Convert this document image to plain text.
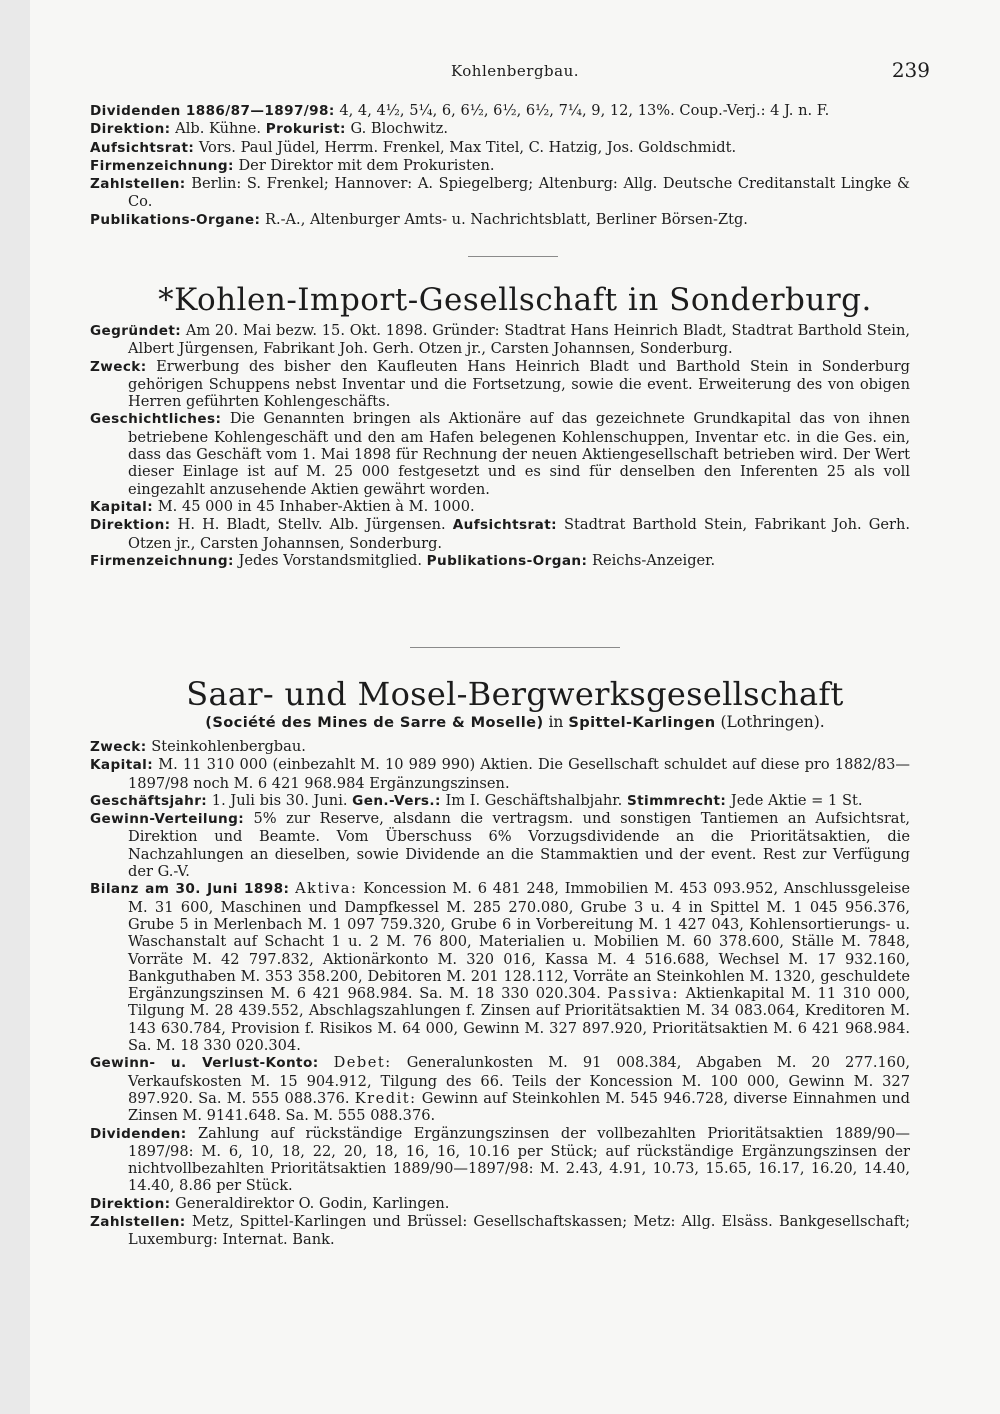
Kohlenbergbau.	239

Dividenden 1886/87—1897/98: 4, 4, 4½, 5¼, 6, 6½, 6½, 6½, 7¼, 9, 12, 13%. Coup.-Verj.: 4 J. n. F.

Direktion: Alb. Kühne. Prokurist: G. Blochwitz.

Aufsichtsrat: Vors. Paul Jüdel, Herrm. Frenkel, Max Titel, C. Hatzig, Jos. Goldschmidt.

Firmenzeichnung: Der Direktor mit dem Prokuristen.

Zahlstellen: Berlin: S. Frenkel; Hannover: A. Spiegelberg; Altenburg: Allg. Deutsche Creditanstalt Lingke & Co.

Publikations-Organe: R.-A., Altenburger Amts- u. Nachrichtsblatt, Berliner Börsen-Ztg.

*Kohlen-Import-Gesellschaft in Sonderburg.

Gegründet: Am 20. Mai bezw. 15. Okt. 1898. Gründer: Stadtrat Hans Heinrich Bladt, Stadtrat Barthold Stein, Albert Jürgensen, Fabrikant Joh. Gerh. Otzen jr., Carsten Johannsen, Sonderburg.

Zweck: Erwerbung des bisher den Kaufleuten Hans Heinrich Bladt und Barthold Stein in Sonderburg gehörigen Schuppens nebst Inventar und die Fortsetzung, sowie die event. Erweiterung des von obigen Herren geführten Kohlengeschäfts.

Geschichtliches: Die Genannten bringen als Aktionäre auf das gezeichnete Grundkapital das von ihnen betriebene Kohlengeschäft und den am Hafen belegenen Kohlenschuppen, Inventar etc. in die Ges. ein, dass das Geschäft vom 1. Mai 1898 für Rechnung der neuen Aktiengesellschaft betrieben wird. Der Wert dieser Einlage ist auf M. 25 000 festgesetzt und es sind für denselben den Inferenten 25 als voll eingezahlt anzusehende Aktien gewährt worden.

Kapital: M. 45 000 in 45 Inhaber-Aktien à M. 1000.

Direktion: H. H. Bladt, Stellv. Alb. Jürgensen. Aufsichtsrat: Stadtrat Barthold Stein, Fabrikant Joh. Gerh. Otzen jr., Carsten Johannsen, Sonderburg.

Firmenzeichnung: Jedes Vorstandsmitglied. Publikations-Organ: Reichs-Anzeiger.

Saar- und Mosel-Bergwerksgesellschaft
(Société des Mines de Sarre & Moselle) in Spittel-Karlingen (Lothringen).

Zweck: Steinkohlenbergbau.

Kapital: M. 11 310 000 (einbezahlt M. 10 989 990) Aktien. Die Gesellschaft schuldet auf diese pro 1882/83—1897/98 noch M. 6 421 968.984 Ergänzungszinsen.

Geschäftsjahr: 1. Juli bis 30. Juni. Gen.-Vers.: Im I. Geschäftshalbjahr. Stimmrecht: Jede Aktie = 1 St.

Gewinn-Verteilung: 5% zur Reserve, alsdann die vertragsm. und sonstigen Tantiemen an Aufsichtsrat, Direktion und Beamte. Vom Überschuss 6% Vorzugsdividende an die Prioritätsaktien, die Nachzahlungen an dieselben, sowie Dividende an die Stammaktien und der event. Rest zur Verfügung der G.-V.

Bilanz am 30. Juni 1898: Aktiva: Koncession M. 6 481 248, Immobilien M. 453 093.952, Anschlussgeleise M. 31 600, Maschinen und Dampfkessel M. 285 270.080, Grube 3 u. 4 in Spittel M. 1 045 956.376, Grube 5 in Merlenbach M. 1 097 759.320, Grube 6 in Vorbereitung M. 1 427 043, Kohlensortierungs- u. Waschanstalt auf Schacht 1 u. 2 M. 76 800, Materialien u. Mobilien M. 60 378.600, Ställe M. 7848, Vorräte M. 42 797.832, Aktionärkonto M. 320 016, Kassa M. 4 516.688, Wechsel M. 17 932.160, Bankguthaben M. 353 358.200, Debitoren M. 201 128.112, Vorräte an Steinkohlen M. 1320, geschuldete Ergänzungszinsen M. 6 421 968.984. Sa. M. 18 330 020.304. Passiva: Aktienkapital M. 11 310 000, Tilgung M. 28 439.552, Abschlagszahlungen f. Zinsen auf Prioritätsaktien M. 34 083.064, Kreditoren M. 143 630.784, Provision f. Risikos M. 64 000, Gewinn M. 327 897.920, Prioritätsaktien M. 6 421 968.984. Sa. M. 18 330 020.304.

Gewinn- u. Verlust-Konto: Debet: Generalunkosten M. 91 008.384, Abgaben M. 20 277.160, Verkaufskosten M. 15 904.912, Tilgung des 66. Teils der Koncession M. 100 000, Gewinn M. 327 897.920. Sa. M. 555 088.376. Kredit: Gewinn auf Steinkohlen M. 545 946.728, diverse Einnahmen und Zinsen M. 9141.648. Sa. M. 555 088.376.

Dividenden: Zahlung auf rückständige Ergänzungszinsen der vollbezahlten Prioritätsaktien 1889/90—1897/98: M. 6, 10, 18, 22, 20, 18, 16, 16, 10.16 per Stück; auf rückständige Ergänzungszinsen der nichtvollbezahlten Prioritätsaktien 1889/90—1897/98: M. 2.43, 4.91, 10.73, 15.65, 16.17, 16.20, 14.40, 14.40, 8.86 per Stück.

Direktion: Generaldirektor O. Godin, Karlingen.

Zahlstellen: Metz, Spittel-Karlingen und Brüssel: Gesellschaftskassen; Metz: Allg. Elsäss. Bankgesellschaft; Luxemburg: Internat. Bank.
